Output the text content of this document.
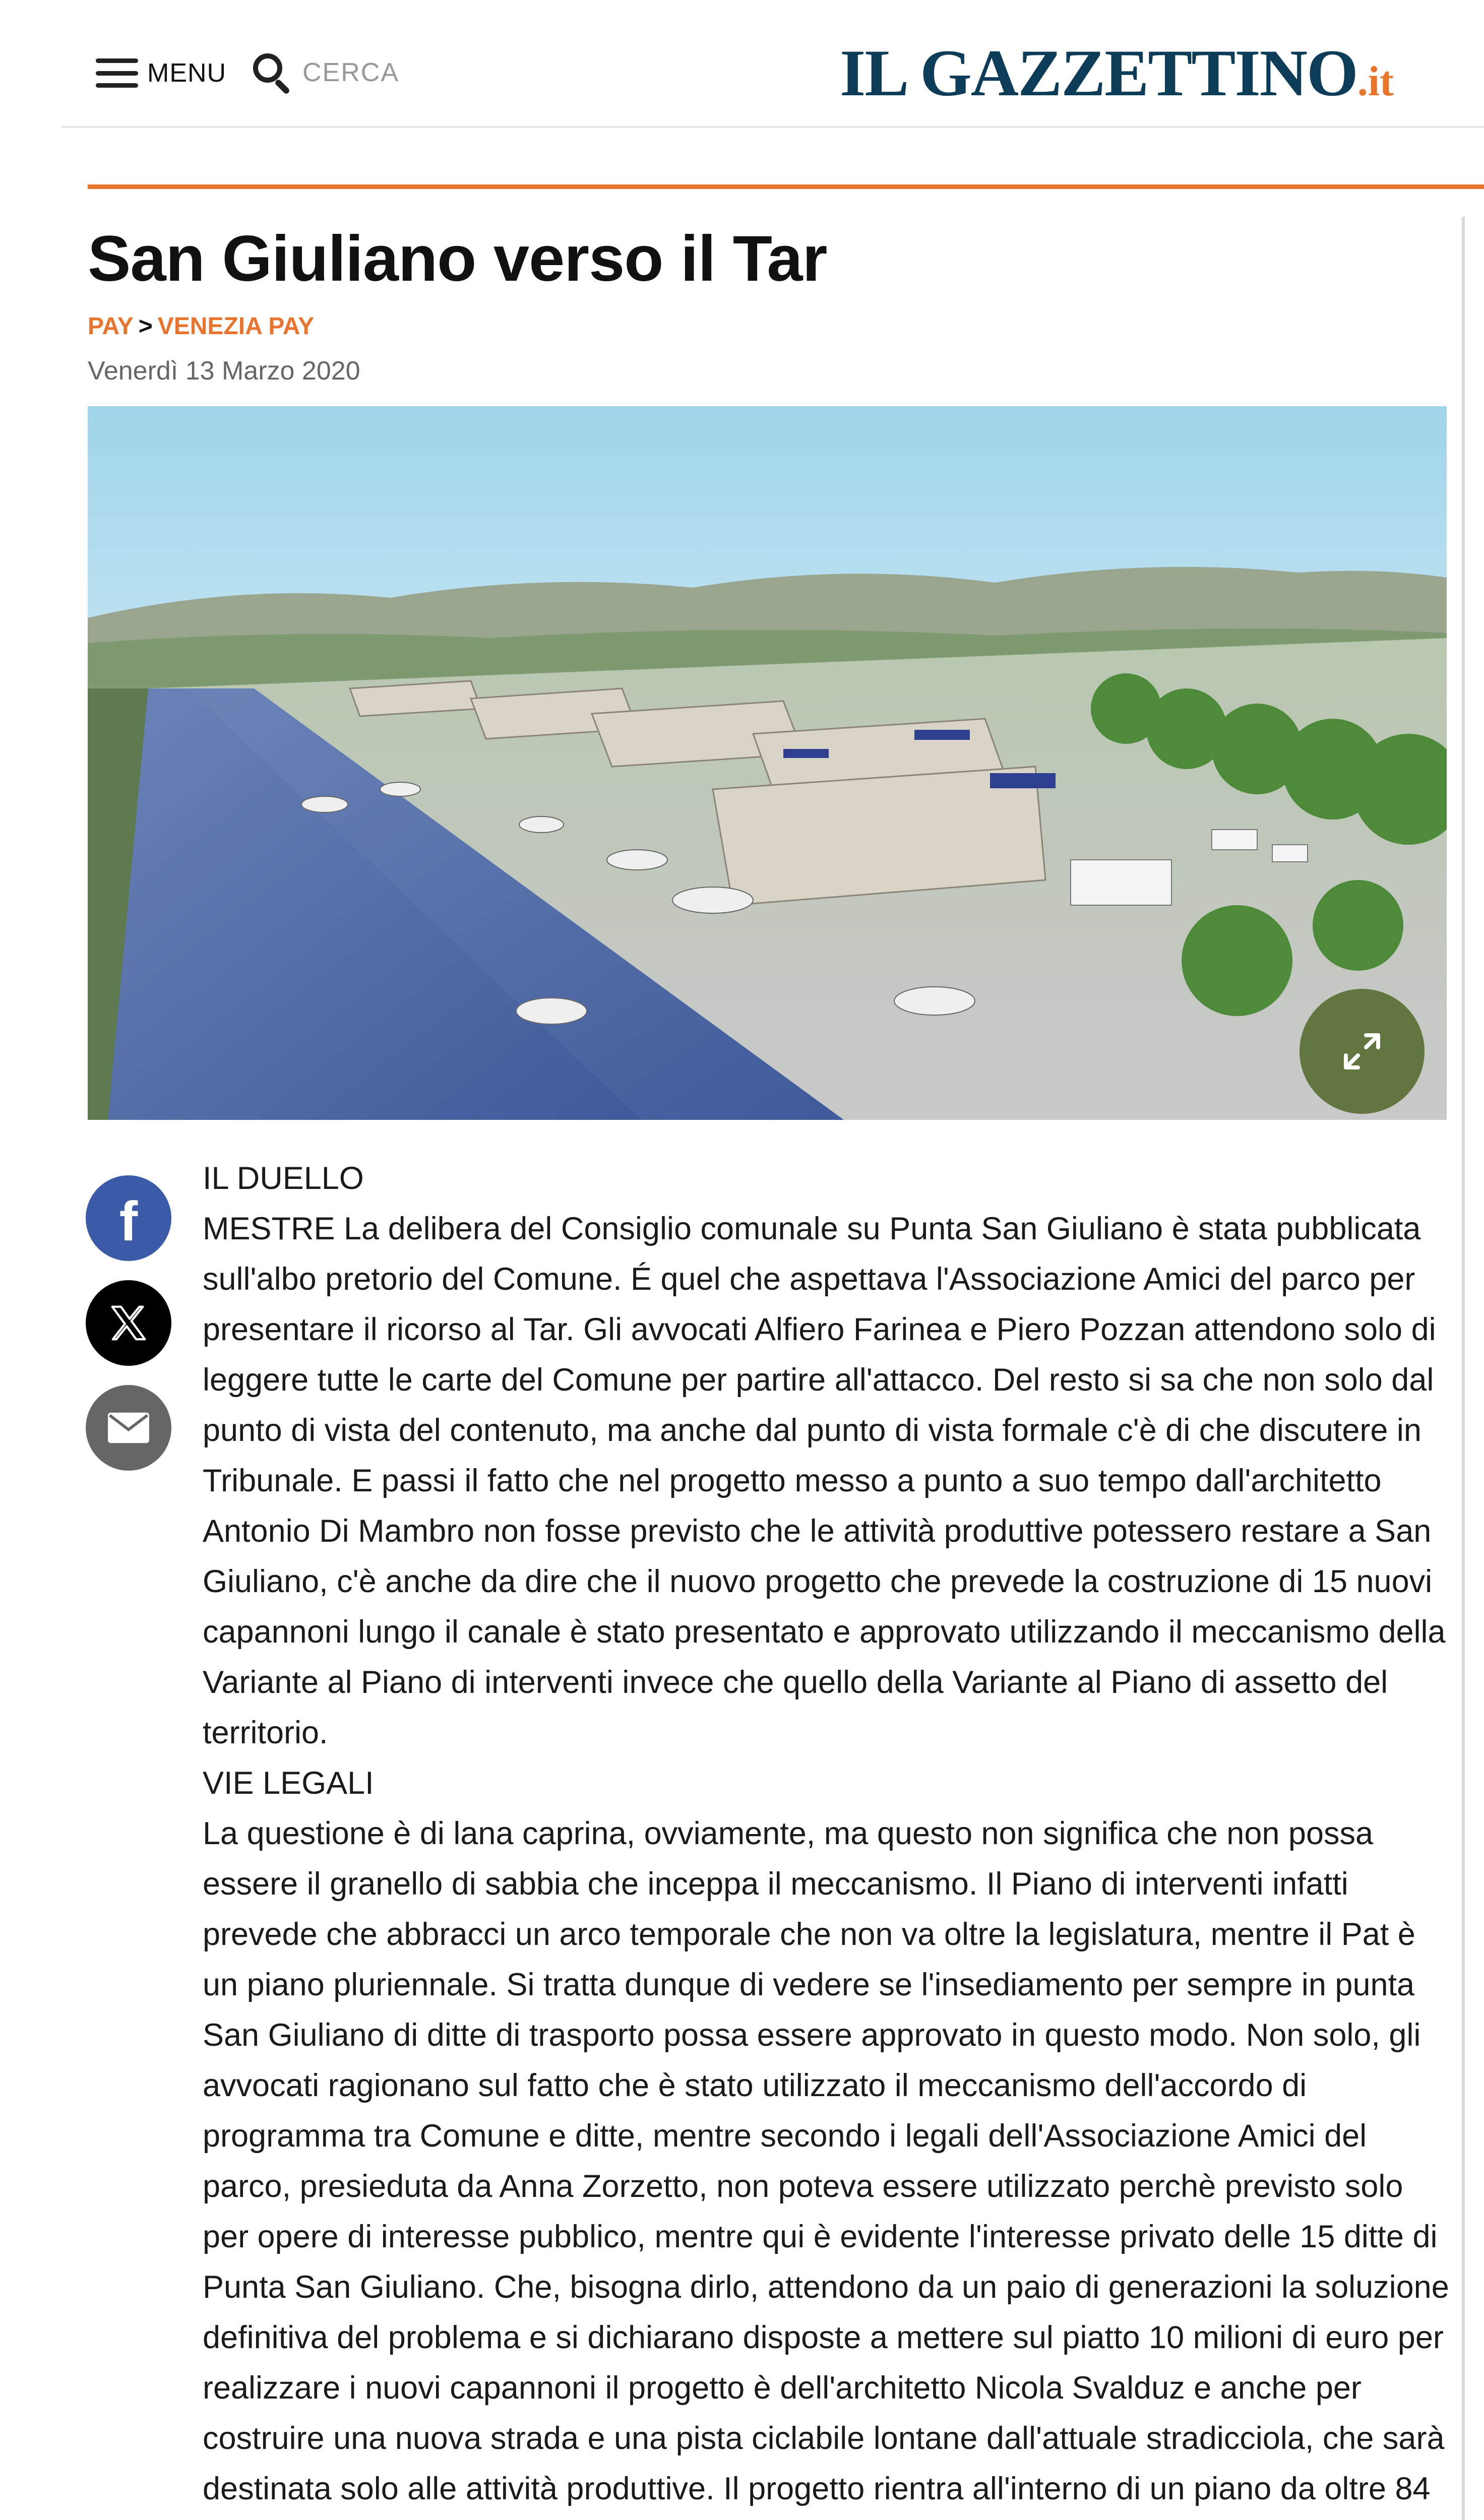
MENU	CERCA	IL GAZZETTINO .it
San Giuliano verso il Tar
PAY > VENEZIA PAY
Venerdì 13 Marzo 2020
f

IL DUELLO

MESTRE La delibera del Consiglio comunale su Punta San Giuliano è stata pubblicata sull'albo pretorio del Comune. É quel che aspettava l'Associazione Amici del parco per presentare il ricorso al Tar. Gli avvocati Alfiero Farinea e Piero Pozzan attendono solo di leggere tutte le carte del Comune per partire all'attacco. Del resto si sa che non solo dal punto di vista del contenuto, ma anche dal punto di vista formale c'è di che discutere in Tribunale. E passi il fatto che nel progetto messo a punto a suo tempo dall'architetto Antonio Di Mambro non fosse previsto che le attività produttive potessero restare a San Giuliano, c'è anche da dire che il nuovo progetto che prevede la costruzione di 15 nuovi capannoni lungo il canale è stato presentato e approvato utilizzando il meccanismo della Variante al Piano di interventi invece che quello della Variante al Piano di assetto del territorio.

VIE LEGALI

La questione è di lana caprina, ovviamente, ma questo non significa che non possa essere il granello di sabbia che inceppa il meccanismo. Il Piano di interventi infatti prevede che abbracci un arco temporale che non va oltre la legislatura, mentre il Pat è un piano pluriennale. Si tratta dunque di vedere se l'insediamento per sempre in punta San Giuliano di ditte di trasporto possa essere approvato in questo modo. Non solo, gli avvocati ragionano sul fatto che è stato utilizzato il meccanismo dell'accordo di programma tra Comune e ditte, mentre secondo i legali dell'Associazione Amici del parco, presieduta da Anna Zorzetto, non poteva essere utilizzato perchè previsto solo per opere di interesse pubblico, mentre qui è evidente l'interesse privato delle 15 ditte di Punta San Giuliano. Che, bisogna dirlo, attendono da un paio di generazioni la soluzione definitiva del problema e si dichiarano disposte a mettere sul piatto 10 milioni di euro per realizzare i nuovi capannoni il progetto è dell'architetto Nicola Svalduz e anche per costruire una nuova strada e una pista ciclabile lontane dall'attuale stradicciola, che sarà destinata solo alle attività produttive. Il progetto rientra all'interno di un piano da oltre 84
